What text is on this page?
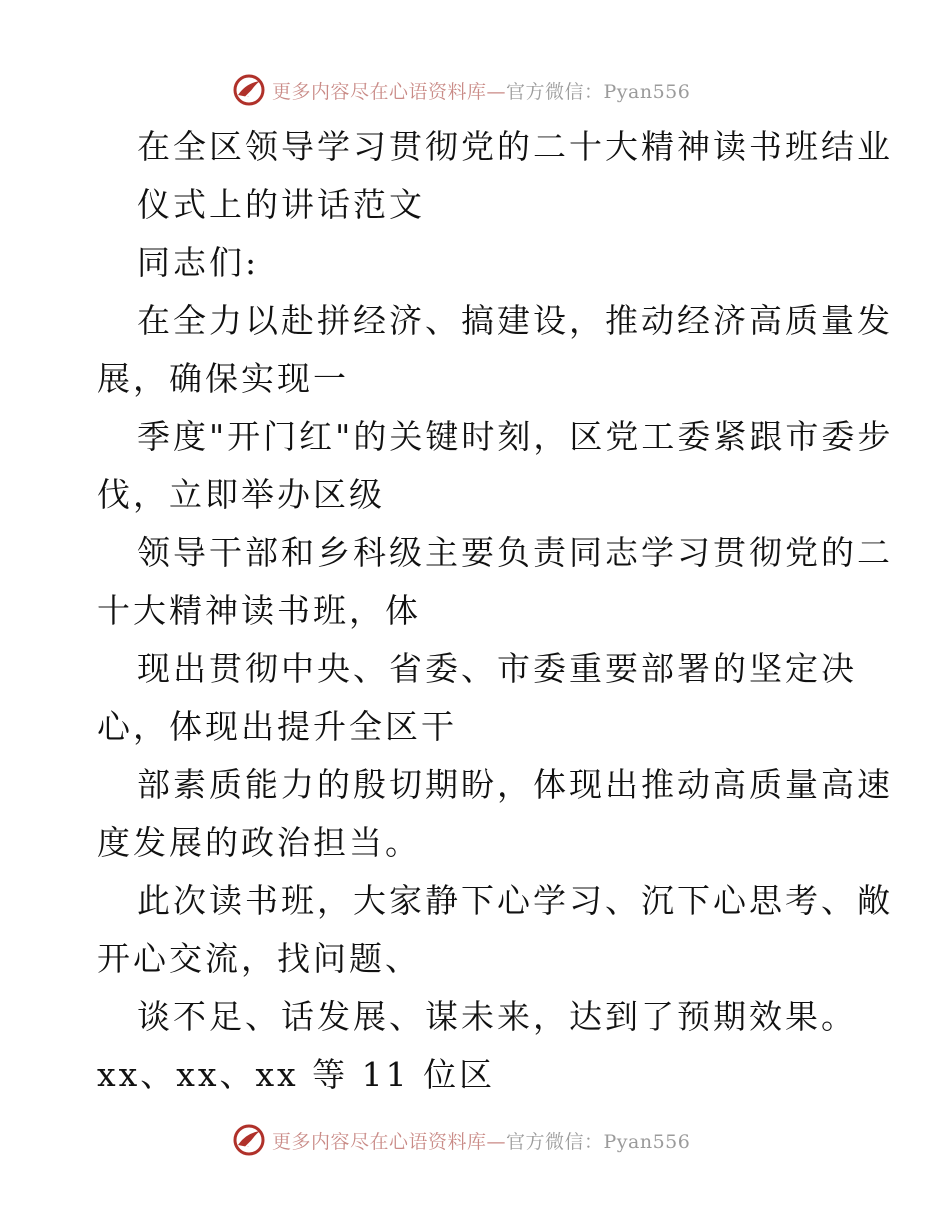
更多内容尽在心语资料库—官方微信：Pyan556
在全区领导学习贯彻党的二十大精神读书班结业
仪式上的讲话范文
同志们:
在全力以赴拼经济、搞建设，推动经济高质量发
展，确保实现一
季度"开门红"的关键时刻，区党工委紧跟市委步
伐，立即举办区级
领导干部和乡科级主要负责同志学习贯彻党的二
十大精神读书班，体
现出贯彻中央、省委、市委重要部署的坚定决
心，体现出提升全区干
部素质能力的殷切期盼，体现出推动高质量高速
度发展的政治担当。
此次读书班，大家静下心学习、沉下心思考、敞
开心交流，找问题、
谈不足、话发展、谋未来，达到了预期效果。
xx、xx、xx 等 11 位区
更多内容尽在心语资料库—官方微信：Pyan556
